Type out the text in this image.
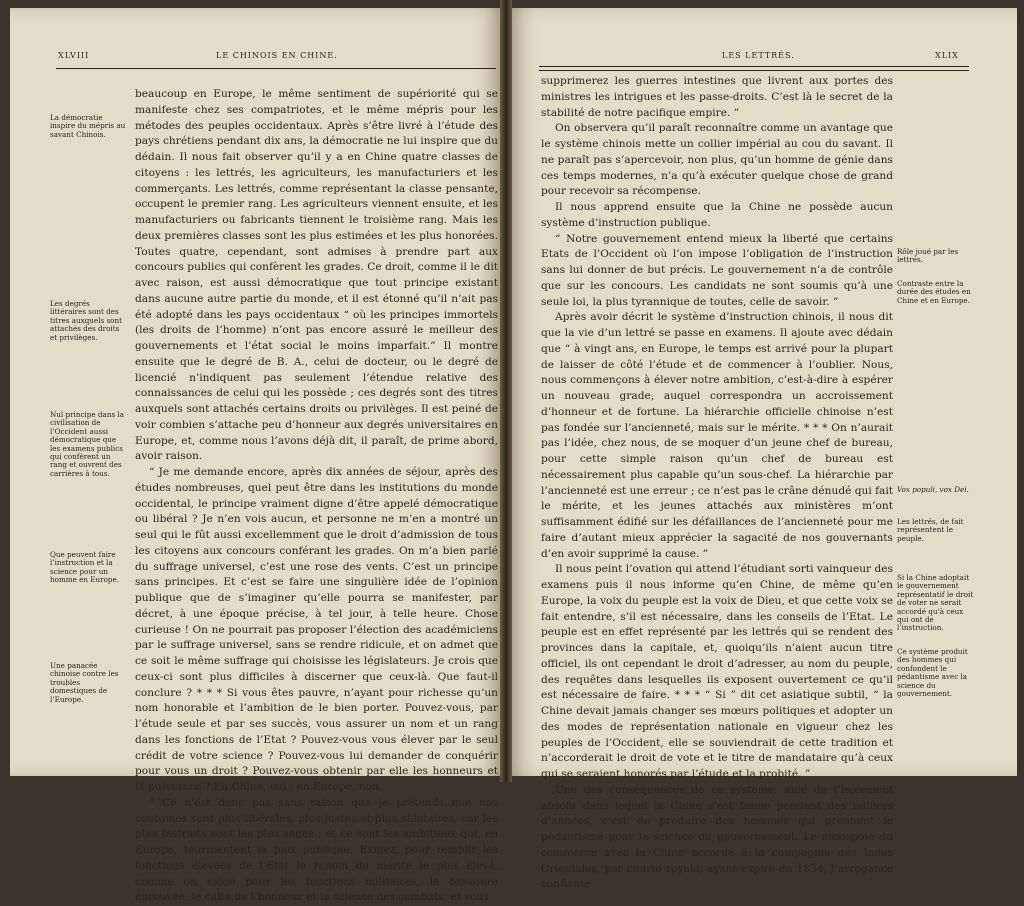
XLVIII	LE CHINOIS EN CHINE.
La démocratie inspire du mépris au savant Chinois.
Les degrés littéraires sont des titres auxquels sont attachés des droits et privilèges.
Nul principe dans la civilisation de l’Occident aussi démocratique que les examens publics qui confèrent un rang et ouvrent des carrières à tous.
Que peuvent faire l’instruction et la science pour un homme en Europe.
Une panacée chinoise contre les troubles domestiques de l’Europe.

beaucoup en Europe, le même sentiment de supériorité qui se manifeste chez ses compatriotes, et le même mépris pour les métodes des peuples occidentaux. Après s’être livré à l’étude des pays chrétiens pendant dix ans, la démocratie ne lui inspire que du dédain. Il nous fait observer qu’il y a en Chine quatre classes de citoyens : les lettrés, les agriculteurs, les manufacturiers et les commerçants. Les lettrés, comme représentant la classe pensante, occupent le premier rang. Les agriculteurs viennent ensuite, et les manufacturiers ou fabricants tiennent le troisième rang. Mais les deux premières classes sont les plus estimées et les plus honorées. Toutes quatre, cependant, sont admises à prendre part aux concours publics qui confèrent les grades. Ce droit, comme il le dit avec raison, est aussi démocratique que tout principe existant dans aucune autre partie du monde, et il est étonné qu’il n’ait pas été adopté dans les pays occidentaux “ où les principes immortels (les droits de l’homme) n’ont pas encore assuré le meilleur des gouvernements et l’état social le moins imparfait.” Il montre ensuite que le degré de B. A., celui de docteur, ou le degré de licencié n’indiquent pas seulement l’étendue relative des connaissances de celui qui les possède ; ces degrés sont des titres auxquels sont attachés certains droits ou privilèges. Il est peiné de voir combien s’attache peu d’honneur aux degrés universitaires en Europe, et, comme nous l’avons déjà dit, il paraît, de prime abord, avoir raison.

“ Je me demande encore, après dix années de séjour, après des études nombreuses, quel peut être dans les institutions du monde occidental, le principe vraiment digne d’être appelé démocratique ou libéral ? Je n’en vois aucun, et personne ne m’en a montré un seul qui le fût aussi excellemment que le droit d’admission de tous les citoyens aux concours conférant les grades. On m’a bien parlé du suffrage universel, c’est une rose des vents. C’est un principe sans principes. Et c’est se faire une singulière idée de l’opinion publique que de s’imaginer qu’elle pourra se manifester, par décret, à une époque précise, à tel jour, à telle heure. Chose curieuse ! On ne pourrait pas proposer l’élection des académiciens par le suffrage universel, sans se rendre ridicule, et on admet que ce soit le même suffrage qui choisisse les législateurs. Je crois que ceux-ci sont plus difficiles à discerner que ceux-là. Que faut-il conclure ? * * * Si vous êtes pauvre, n’ayant pour richesse qu’un nom honorable et l’ambition de le bien porter. Pouvez-vous, par l’étude seule et par ses succès, vous assurer un nom et un rang dans les fonctions de l’Etat ? Pouvez-vous vous élever par le seul crédit de votre science ? Pouvez-vous lui demander de conquérir pour vous un droit ? Pouvez-vous obtenir par elle les honneurs et la puissance ? En Chine, oui ; en Europe, non.

“ Ce n’est donc pas sans raison que je prétends que nos coutumes sont plus libérales, plus justes et plus salutaires, car les plus instruits sont les plus sages ; et ce sont les ambitieux qui, en Europe, tourmentent la paix publique. Exigez, pour remplir les fonctions élevées de l’Etat le renom du mérite le plus élevé, comme on exige pour les fonctions militaires, la bravoure éprouvée, le culte de l’honneur et la science des combats, et vous

LES LETTRÉS.	XLIX

supprimerez les guerres intestines que livrent aux portes des ministres les intrigues et les passe-droits. C’est là le secret de la stabilité de notre pacifique empire. ”

On observera qu’il paraît reconnaître comme un avantage que le système chinois mette un collier impérial au cou du savant. Il ne paraît pas s’apercevoir, non plus, qu’un homme de génie dans ces temps modernes, n’a qu’à exécuter quelque chose de grand pour recevoir sa récompense.

Il nous apprend ensuite que la Chine ne possède aucun système d’instruction publique.

“ Notre gouvernement entend mieux la liberté que certains Etats de l’Occident où l’on impose l’obligation de l’instruction sans lui donner de but précis. Le gouvernement n’a de contrôle que sur les concours. Les candidats ne sont soumis qu’à une seule loi, la plus tyrannique de toutes, celle de savoir. ”

Après avoir décrit le système d’instruction chinois, il nous dit que la vie d’un lettré se passe en examens. Il ajoute avec dédain que “ à vingt ans, en Europe, le temps est arrivé pour la plupart de laisser de côté l’étude et de commencer à l’oublier. Nous, nous commençons à élever notre ambition, c’est-à-dire à espérer un nouveau grade, auquel correspondra un accroissement d’honneur et de fortune. La hiérarchie officielle chinoise n’est pas fondée sur l’ancienneté, mais sur le mérite. * * * On n’aurait pas l’idée, chez nous, de se moquer d’un jeune chef de bureau, pour cette simple raison qu’un chef de bureau est nécessairement plus capable qu’un sous-chef. La hiérarchie par l’ancienneté est une erreur ; ce n’est pas le crâne dénudé qui fait le mérite, et les jeunes attachés aux ministères m’ont suffisamment édifié sur les défaillances de l’ancienneté pour me faire d’autant mieux apprécier la sagacité de nos gouvernants d’en avoir supprimé la cause. ”

Il nous peint l’ovation qui attend l’étudiant sorti vainqueur des examens puis il nous informe qu’en Chine, de même qu’en Europe, la voix du peuple est la voix de Dieu, et que cette voix se fait entendre, s’il est nécessaire, dans les conseils de l’Etat. Le peuple est en effet représenté par les lettrés qui se rendent des provinces dans la capitale, et, quoiqu’ils n’aient aucun titre officiel, ils ont cependant le droit d’adresser, au nom du peuple, des requêtes dans lesquelles ils exposent ouvertement ce qu’il est nécessaire de faire. * * * “ Si ” dit cet asiatique subtil, “ la Chine devait jamais changer ses mœurs politiques et adopter un des modes de représentation nationale en vigueur chez les peuples de l’Occident, elle se souviendrait de cette tradition et n’accorderait le droit de vote et le titre de mandataire qu’à ceux qui se seraient honorés par l’étude et la probité. ”

Une des conséquences de ce système, aidé de l’isolement absolu dans lequel la Chine s’est tenue pendant des milliers d’années, c’est de produire des hommes qui prennent le pédantisme pour la science du gouvernement. Le monopole du commerce avec la Chine accordé à la compagnie des Indes Orientales, par charte royale, ayant expiré en 1834, l’arrogance confiante

Rôle joué par les lettrés.
Contraste entre la durée des études en Chine et en Europe.
Vox populi, vox Dei.
Les lettrés, de fait représentent le peuple.
Si la Chine adoptait le gouvernement représentatif le droit de voter ne serait accordé qu’à ceux qui ont de l’instruction.
Ce système produit des hommes qui confondent le pédantisme avec la science du gouvernement.
